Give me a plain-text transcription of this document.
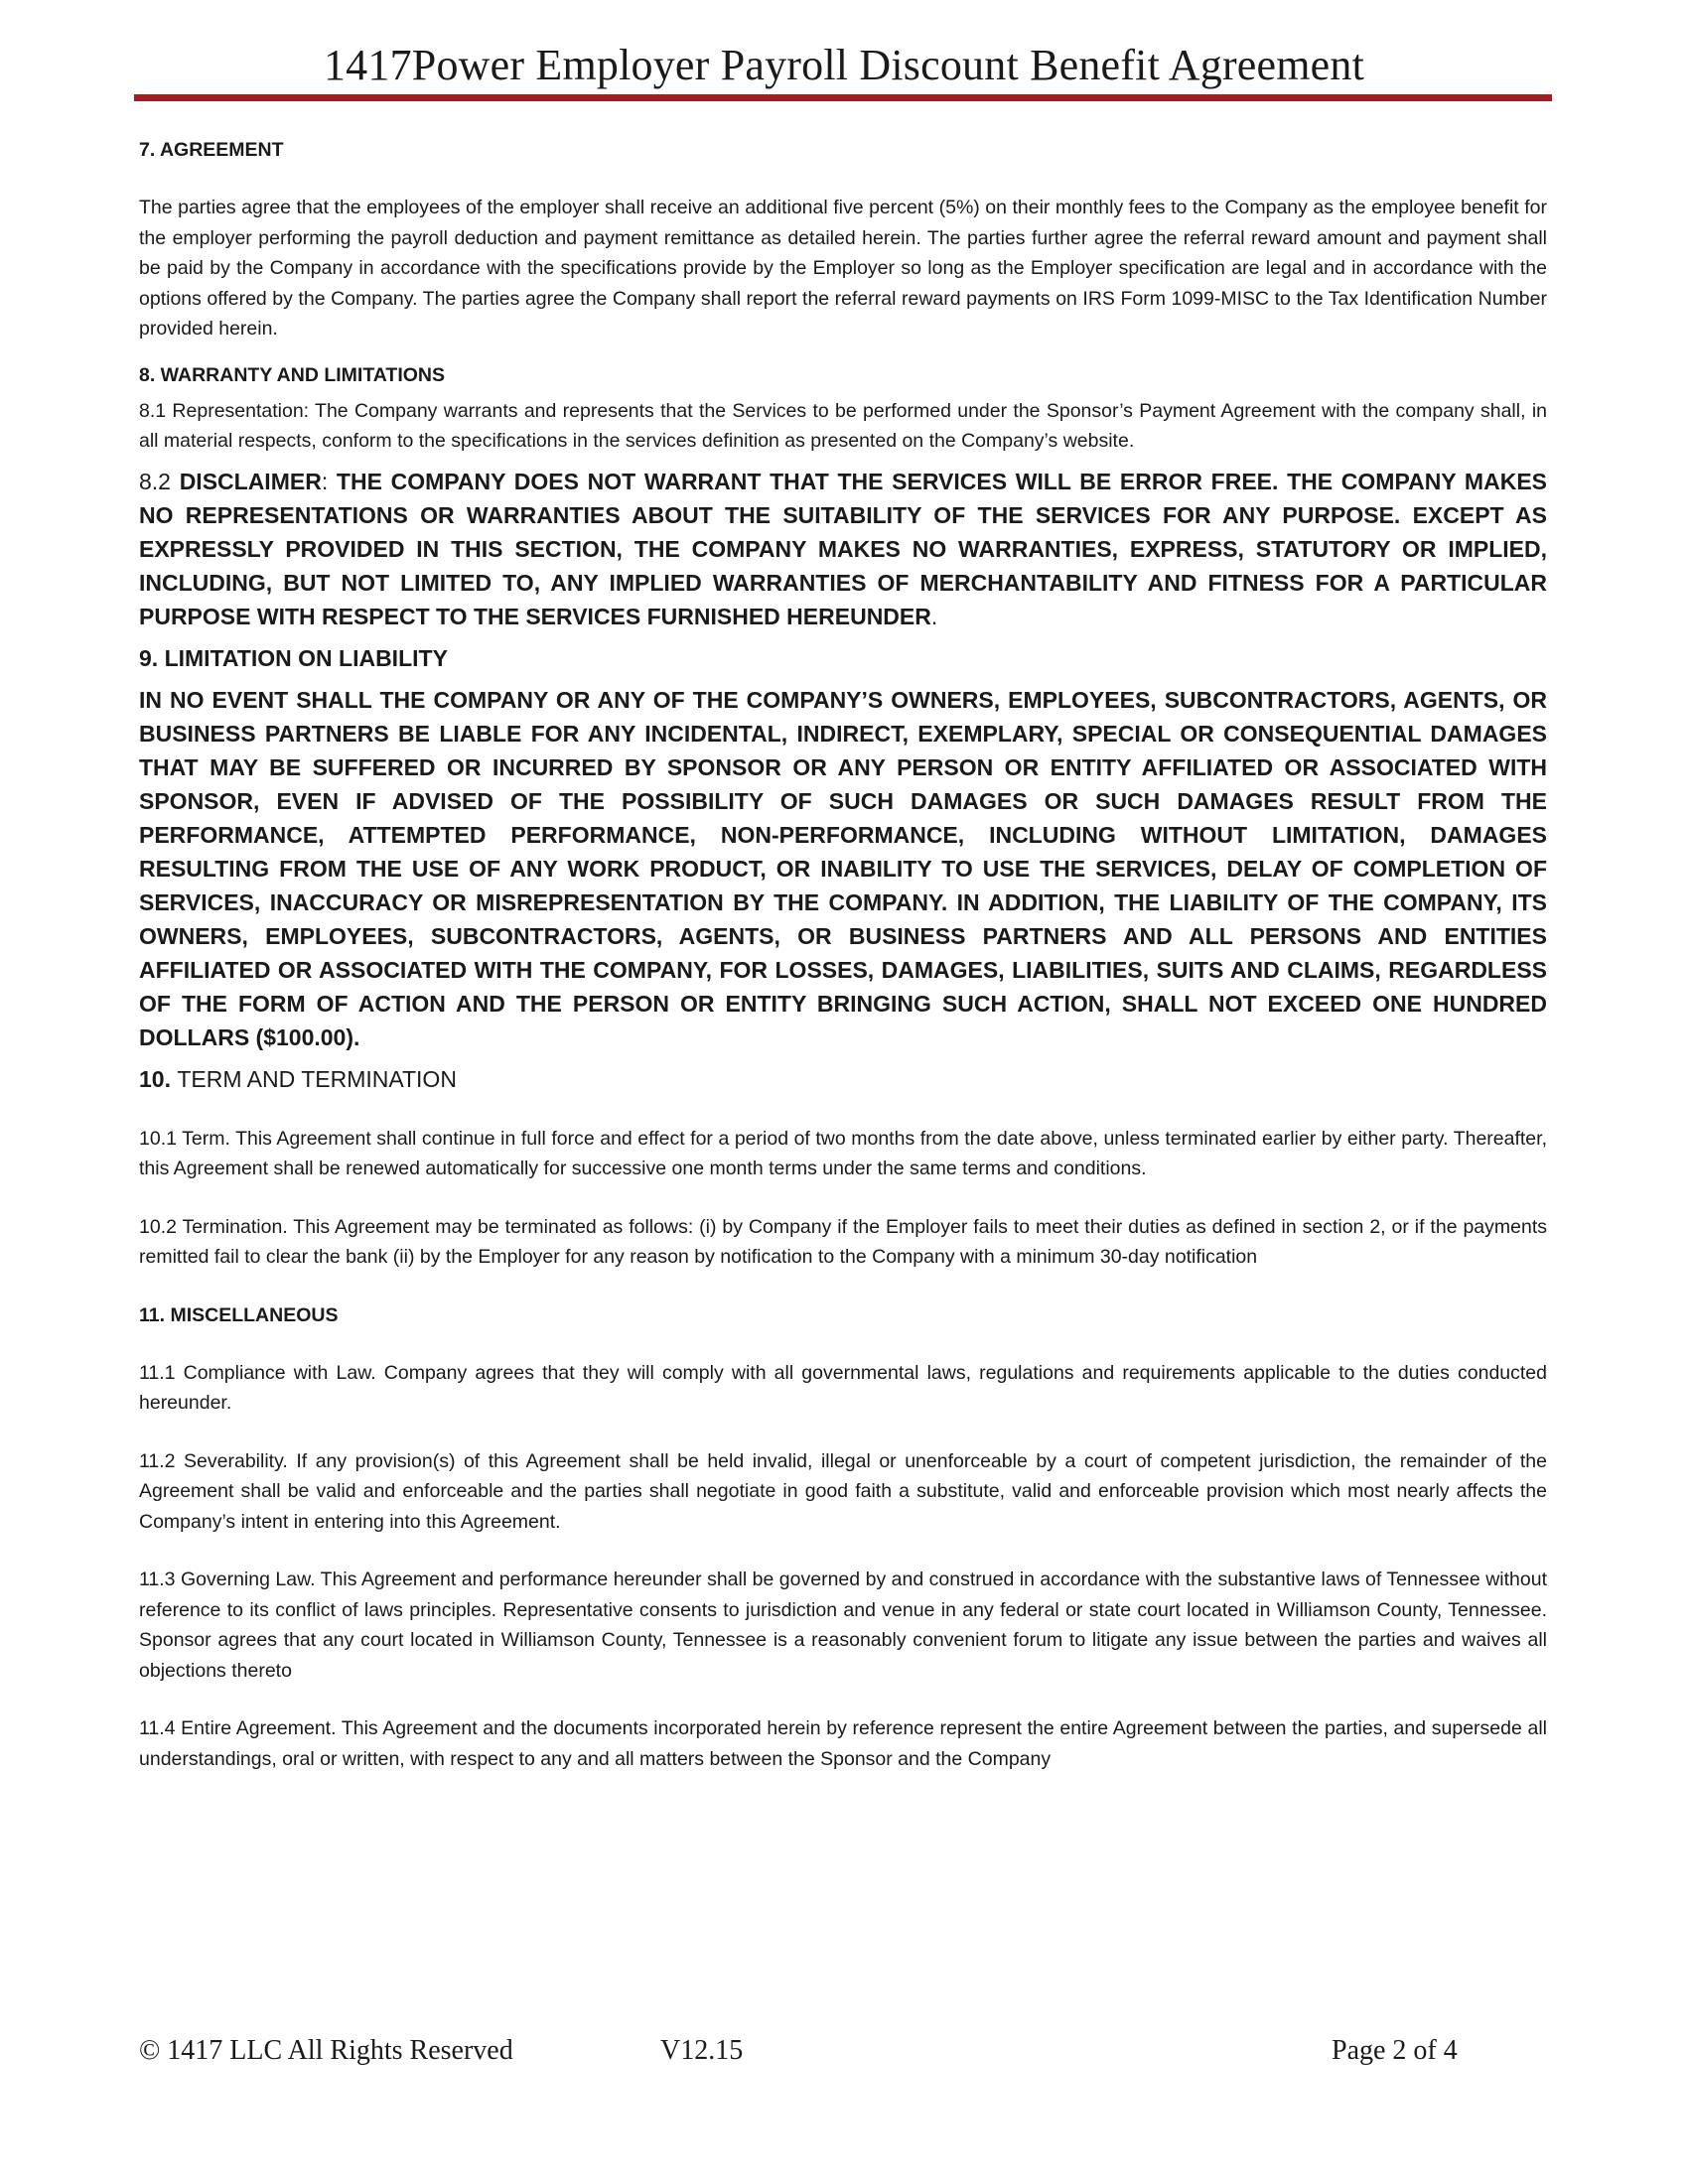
1417Power Employer Payroll Discount Benefit Agreement

7. AGREEMENT

The parties agree that the employees of the employer shall receive an additional five percent (5%) on their monthly fees to the Company as the employee benefit for the employer performing the payroll deduction and payment remittance as detailed herein. The parties further agree the referral reward amount and payment shall be paid by the Company in accordance with the specifications provide by the Employer so long as the Employer specification are legal and in accordance with the options offered by the Company. The parties agree the Company shall report the referral reward payments on IRS Form 1099-MISC to the Tax Identification Number provided herein.

8. WARRANTY AND LIMITATIONS

8.1 Representation: The Company warrants and represents that the Services to be performed under the Sponsor’s Payment Agreement with the company shall, in all material respects, conform to the specifications in the services definition as presented on the Company’s website.

8.2 DISCLAIMER: THE COMPANY DOES NOT WARRANT THAT THE SERVICES WILL BE ERROR FREE. THE COMPANY MAKES NO REPRESENTATIONS OR WARRANTIES ABOUT THE SUITABILITY OF THE SERVICES FOR ANY PURPOSE. EXCEPT AS EXPRESSLY PROVIDED IN THIS SECTION, THE COMPANY MAKES NO WARRANTIES, EXPRESS, STATUTORY OR IMPLIED, INCLUDING, BUT NOT LIMITED TO, ANY IMPLIED WARRANTIES OF MERCHANTABILITY AND FITNESS FOR A PARTICULAR PURPOSE WITH RESPECT TO THE SERVICES FURNISHED HEREUNDER.

9. LIMITATION ON LIABILITY

IN NO EVENT SHALL THE COMPANY OR ANY OF THE COMPANY’S OWNERS, EMPLOYEES, SUBCONTRACTORS, AGENTS, OR BUSINESS PARTNERS BE LIABLE FOR ANY INCIDENTAL, INDIRECT, EXEMPLARY, SPECIAL OR CONSEQUENTIAL DAMAGES THAT MAY BE SUFFERED OR INCURRED BY SPONSOR OR ANY PERSON OR ENTITY AFFILIATED OR ASSOCIATED WITH SPONSOR, EVEN IF ADVISED OF THE POSSIBILITY OF SUCH DAMAGES OR SUCH DAMAGES RESULT FROM THE PERFORMANCE, ATTEMPTED PERFORMANCE, NON-PERFORMANCE, INCLUDING WITHOUT LIMITATION, DAMAGES RESULTING FROM THE USE OF ANY WORK PRODUCT, OR INABILITY TO USE THE SERVICES, DELAY OF COMPLETION OF SERVICES, INACCURACY OR MISREPRESENTATION BY THE COMPANY. IN ADDITION, THE LIABILITY OF THE COMPANY, ITS OWNERS, EMPLOYEES, SUBCONTRACTORS, AGENTS, OR BUSINESS PARTNERS AND ALL PERSONS AND ENTITIES AFFILIATED OR ASSOCIATED WITH THE COMPANY, FOR LOSSES, DAMAGES, LIABILITIES, SUITS AND CLAIMS, REGARDLESS OF THE FORM OF ACTION AND THE PERSON OR ENTITY BRINGING SUCH ACTION, SHALL NOT EXCEED ONE HUNDRED DOLLARS ($100.00).

10. TERM AND TERMINATION

10.1 Term. This Agreement shall continue in full force and effect for a period of two months from the date above, unless terminated earlier by either party. Thereafter, this Agreement shall be renewed automatically for successive one month terms under the same terms and conditions.

10.2 Termination. This Agreement may be terminated as follows: (i) by Company if the Employer fails to meet their duties as defined in section 2, or if the payments remitted fail to clear the bank (ii) by the Employer for any reason by notification to the Company with a minimum 30-day notification

11. MISCELLANEOUS

11.1 Compliance with Law. Company agrees that they will comply with all governmental laws, regulations and requirements applicable to the duties conducted hereunder.

11.2 Severability. If any provision(s) of this Agreement shall be held invalid, illegal or unenforceable by a court of competent jurisdiction, the remainder of the Agreement shall be valid and enforceable and the parties shall negotiate in good faith a substitute, valid and enforceable provision which most nearly affects the Company’s intent in entering into this Agreement.

11.3 Governing Law. This Agreement and performance hereunder shall be governed by and construed in accordance with the substantive laws of Tennessee without reference to its conflict of laws principles. Representative consents to jurisdiction and venue in any federal or state court located in Williamson County, Tennessee. Sponsor agrees that any court located in Williamson County, Tennessee is a reasonably convenient forum to litigate any issue between the parties and waives all objections thereto

11.4 Entire Agreement. This Agreement and the documents incorporated herein by reference represent the entire Agreement between the parties, and supersede all understandings, oral or written, with respect to any and all matters between the Sponsor and the Company

© 1417 LLC All Rights Reserved	V12.15	Page 2 of 4
